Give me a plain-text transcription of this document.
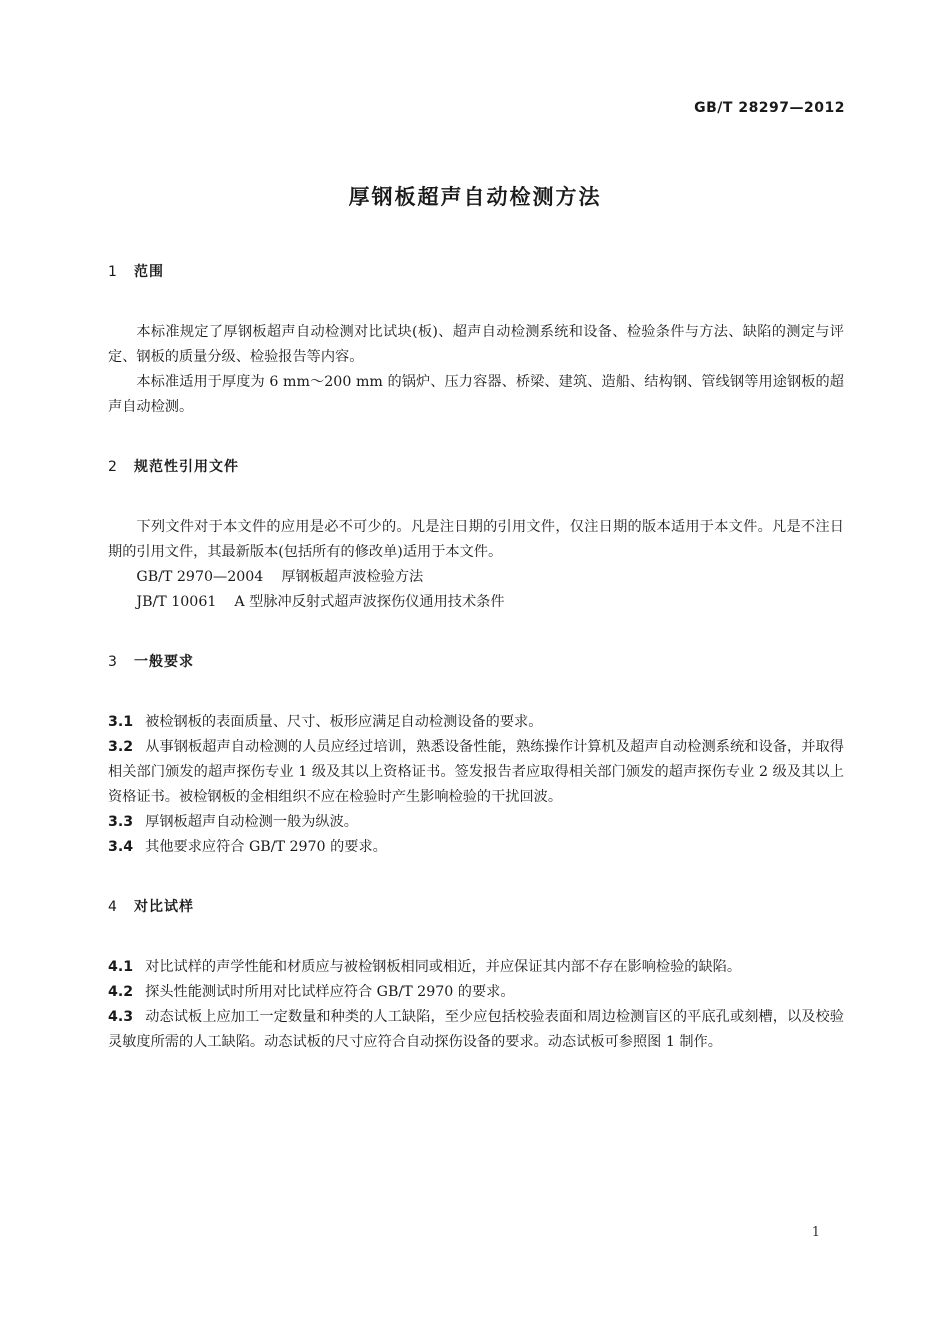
GB/T 28297—2012
厚钢板超声自动检测方法
1 范围

本标准规定了厚钢板超声自动检测对比试块(板)、超声自动检测系统和设备、检验条件与方法、缺陷的测定与评定、钢板的质量分级、检验报告等内容。

本标准适用于厚度为 6 mm～200 mm 的锅炉、压力容器、桥梁、建筑、造船、结构钢、管线钢等用途钢板的超声自动检测。

2 规范性引用文件

下列文件对于本文件的应用是必不可少的。凡是注日期的引用文件，仅注日期的版本适用于本文件。凡是不注日期的引用文件，其最新版本(包括所有的修改单)适用于本文件。

GB/T 2970—2004 厚钢板超声波检验方法

JB/T 10061 A 型脉冲反射式超声波探伤仪通用技术条件

3 一般要求

3.1 被检钢板的表面质量、尺寸、板形应满足自动检测设备的要求。

3.2 从事钢板超声自动检测的人员应经过培训，熟悉设备性能，熟练操作计算机及超声自动检测系统和设备，并取得相关部门颁发的超声探伤专业 1 级及其以上资格证书。签发报告者应取得相关部门颁发的超声探伤专业 2 级及其以上资格证书。被检钢板的金相组织不应在检验时产生影响检验的干扰回波。

3.3 厚钢板超声自动检测一般为纵波。

3.4 其他要求应符合 GB/T 2970 的要求。

4 对比试样

4.1 对比试样的声学性能和材质应与被检钢板相同或相近，并应保证其内部不存在影响检验的缺陷。

4.2 探头性能测试时所用对比试样应符合 GB/T 2970 的要求。

4.3 动态试板上应加工一定数量和种类的人工缺陷，至少应包括校验表面和周边检测盲区的平底孔或刻槽，以及校验灵敏度所需的人工缺陷。动态试板的尺寸应符合自动探伤设备的要求。动态试板可参照图 1 制作。

1
